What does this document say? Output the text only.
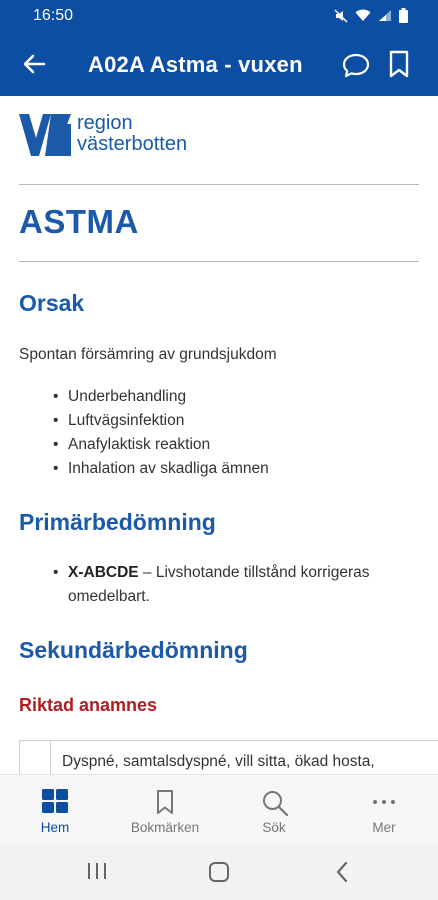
16:50
A02A Astma - vuxen
region
västerbotten
ASTMA
Orsak
Spontan försämring av grundsjukdom
• Underbehandling
• Luftvägsinfektion
• Anafylaktisk reaktion
• Inhalation av skadliga ämnen
Primärbedömning
• X-ABCDE – Livshotande tillstånd korrigeras omedelbart.
Sekundärbedömning
Riktad anamnes
Dyspné, samtalsdyspné, vill sitta, ökad hosta,
Hem	Bokmärken	Sök	Mer
